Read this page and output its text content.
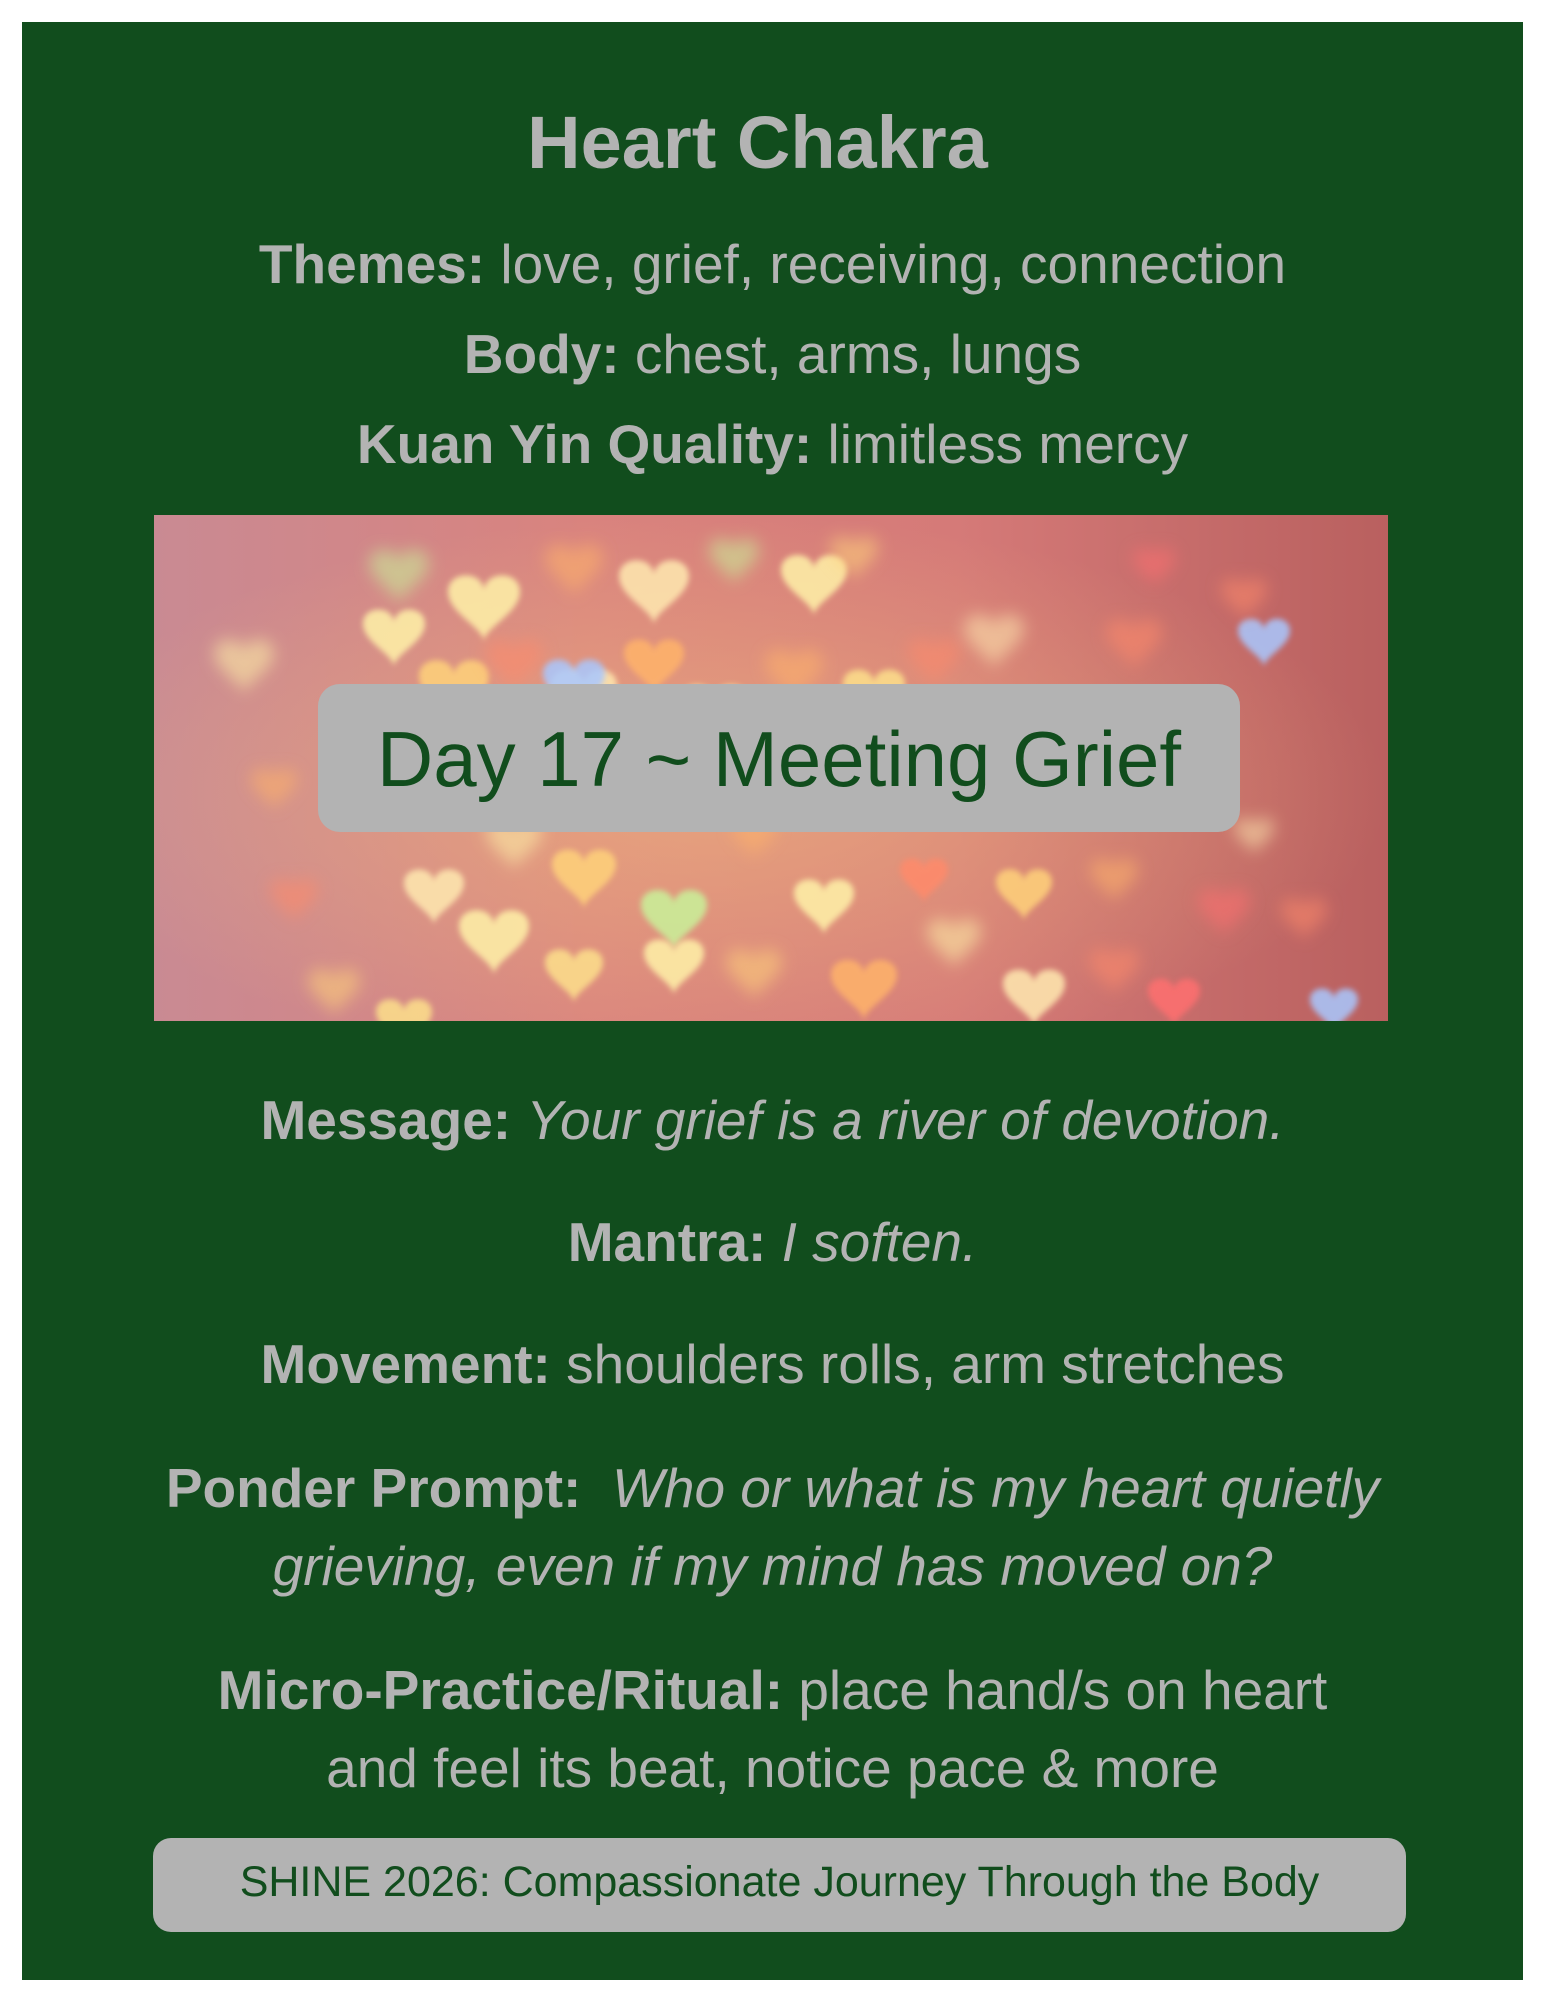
Heart Chakra
Themes: love, grief, receiving, connection
Body: chest, arms, lungs
Kuan Yin Quality: limitless mercy
Day 17 ~ Meeting Grief
Message: Your grief is a river of devotion.
Mantra: I soften.
Movement: shoulders rolls, arm stretches
Ponder Prompt: Who or what is my heart quietly
grieving, even if my mind has moved on?
Micro-Practice/Ritual: place hand/s on heart
and feel its beat, notice pace & more
SHINE 2026: Compassionate Journey Through the Body
